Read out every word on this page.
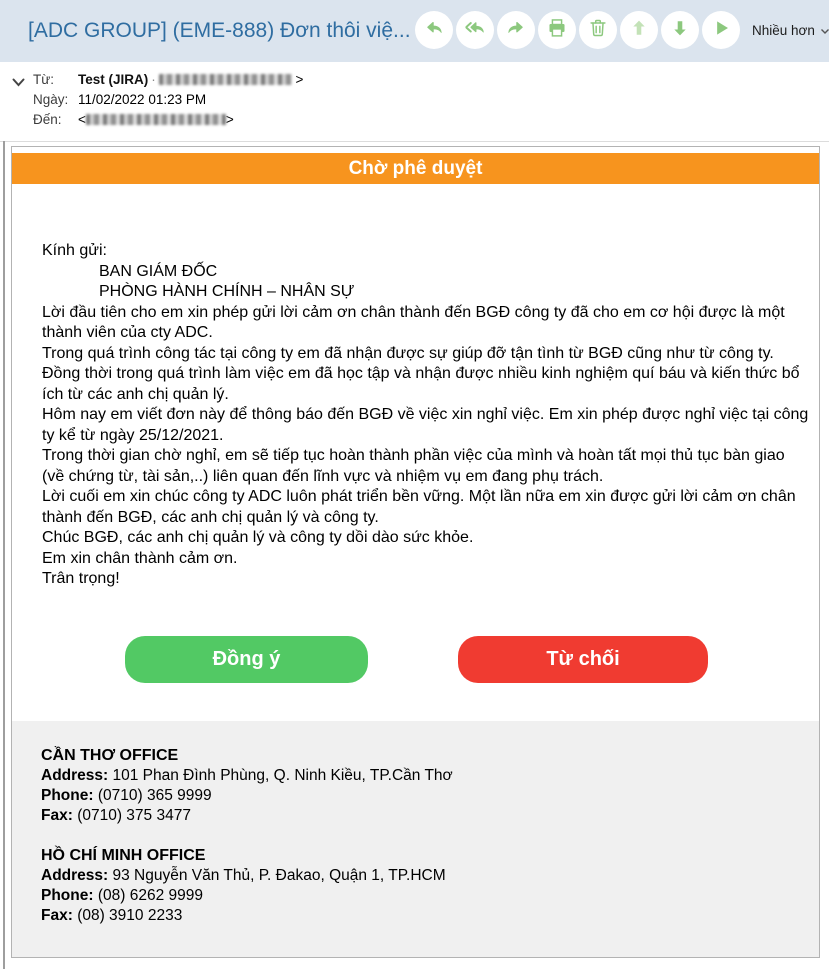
[ADC GROUP] (EME-888) Đơn thôi việ...	Nhiều hơn
Từ: Test (JIRA) ·	>
Ngày: 11/02/2022 01:23 PM
Đến: <	>
Chờ phê duyệt
Kính gửi:
BAN GIÁM ĐỐC
PHÒNG HÀNH CHÍNH – NHÂN SỰ
Lời đầu tiên cho em xin phép gửi lời cảm ơn chân thành đến BGĐ công ty đã cho em cơ hội được là một thành viên của cty ADC.
Trong quá trình công tác tại công ty em đã nhận được sự giúp đỡ tận tình từ BGĐ cũng như từ công ty.
Đồng thời trong quá trình làm việc em đã học tập và nhận được nhiều kinh nghiệm quí báu và kiến thức bổ ích từ các anh chị quản lý.
Hôm nay em viết đơn này để thông báo đến BGĐ về việc xin nghỉ việc. Em xin phép được nghỉ việc tại công ty kể từ ngày 25/12/2021.
Trong thời gian chờ nghỉ, em sẽ tiếp tục hoàn thành phần việc của mình và hoàn tất mọi thủ tục bàn giao (về chứng từ, tài sản,..) liên quan đến lĩnh vực và nhiệm vụ em đang phụ trách.
Lời cuối em xin chúc công ty ADC luôn phát triển bền vững. Một lần nữa em xin được gửi lời cảm ơn chân thành đến BGĐ, các anh chị quản lý và công ty.
Chúc BGĐ, các anh chị quản lý và công ty dồi dào sức khỏe.
Em xin chân thành cảm ơn.
Trân trọng!
Đồng ý	Từ chối
CẦN THƠ OFFICE
Address: 101 Phan Đình Phùng, Q. Ninh Kiều, TP.Cần Thơ
Phone: (0710) 365 9999
Fax: (0710) 375 3477
HỒ CHÍ MINH OFFICE
Address: 93 Nguyễn Văn Thủ, P. Đakao, Quận 1, TP.HCM
Phone: (08) 6262 9999
Fax: (08) 3910 2233
